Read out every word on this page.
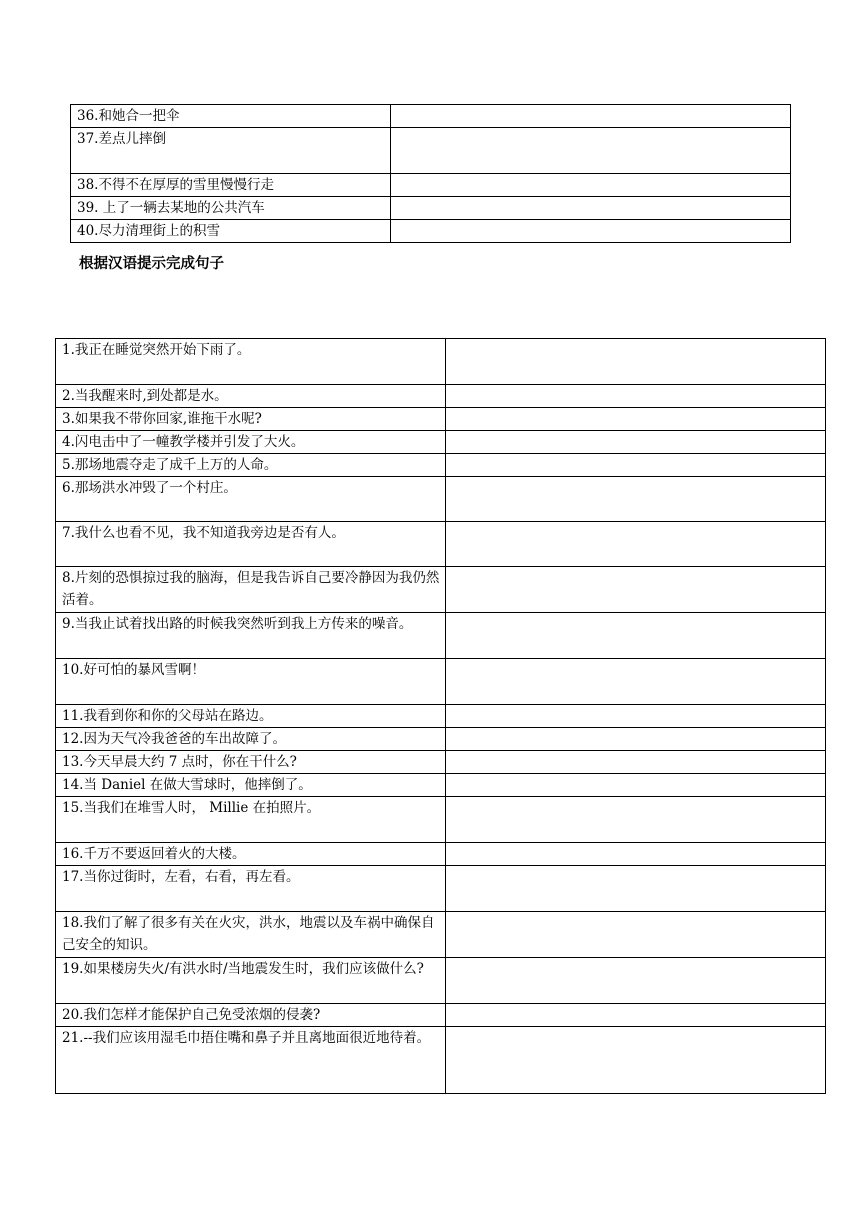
36.和她合一把伞	
37.差点儿摔倒	
38.不得不在厚厚的雪里慢慢行走	
39. 上了一辆去某地的公共汽车	
40.尽力清理街上的积雪	
根据汉语提示完成句子
1.我正在睡觉突然开始下雨了。	
2.当我醒来时,到处都是水。	
3.如果我不带你回家,谁拖干水呢?	
4.闪电击中了一幢教学楼并引发了大火。	
5.那场地震夺走了成千上万的人命。	
6.那场洪水冲毁了一个村庄。	
7.我什么也看不见，我不知道我旁边是否有人。	
8.片刻的恐惧掠过我的脑海，但是我告诉自己要冷静因为我仍然活着。	
9.当我止试着找出路的时候我突然听到我上方传来的噪音。	
10.好可怕的暴风雪啊！	
11.我看到你和你的父母站在路边。	
12.因为天气冷我爸爸的车出故障了。	
13.今天早晨大约 7 点时，你在干什么?	
14.当 Daniel 在做大雪球时，他摔倒了。	
15.当我们在堆雪人时， Millie 在拍照片。	
16.千万不要返回着火的大楼。	
17.当你过街时，左看，右看，再左看。	
18.我们了解了很多有关在火灾，洪水，地震以及车祸中确保自己安全的知识。	
19.如果楼房失火/有洪水时/当地震发生时，我们应该做什么?	
20.我们怎样才能保护自己免受浓烟的侵袭?	
21.--我们应该用湿毛巾捂住嘴和鼻子并且离地面很近地待着。	
